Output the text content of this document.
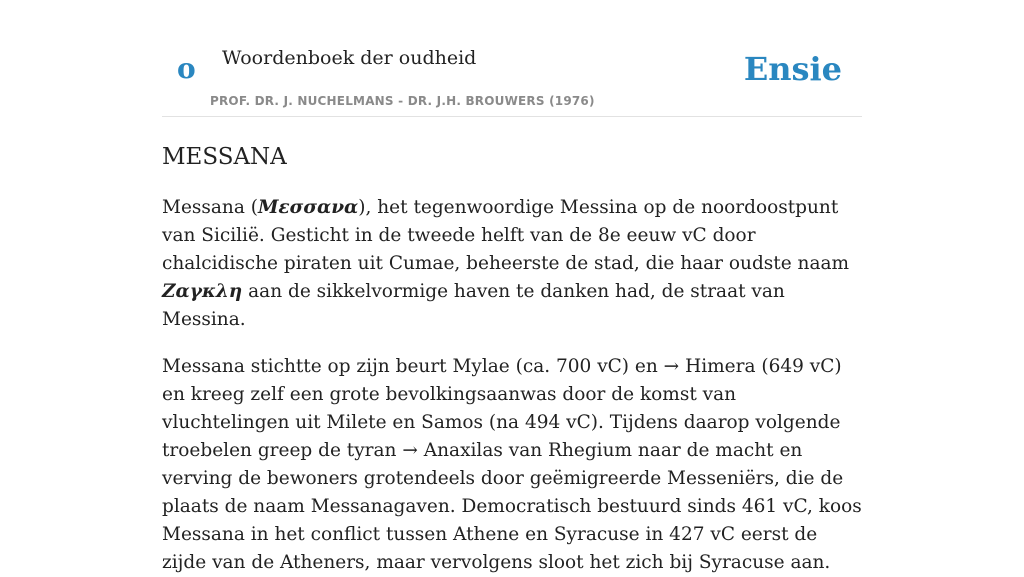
o Woordenboek der oudheid
PROF. DR. J. NUCHELMANS - DR. J.H. BROUWERS (1976)
Ensie
MESSANA

Messana (Μεσσανα), het tegenwoordige Messina op de noordoostpunt van Sicilië. Gesticht in de tweede helft van de 8e eeuw vC door chalcidische piraten uit Cumae, beheerste de stad, die haar oudste naam Ζαγκλη aan de sikkelvormige haven te danken had, de straat van Messina.

Messana stichtte op zijn beurt Mylae (ca. 700 vC) en → Himera (649 vC) en kreeg zelf een grote bevolkingsaanwas door de komst van vluchtelingen uit Milete en Samos (na 494 vC). Tijdens daarop volgende troebelen greep de tyran → Anaxilas van Rhegium naar de macht en verving de bewoners grotendeels door geëmigreerde Messeniërs, die de plaats de naam Messanagaven. Democratisch bestuurd sinds 461 vC, koos Messana in het conflict tussen Athene en Syracuse in 427 vC eerst de zijde van de Atheners, maar vervolgens sloot het zich bij Syracuse aan.
